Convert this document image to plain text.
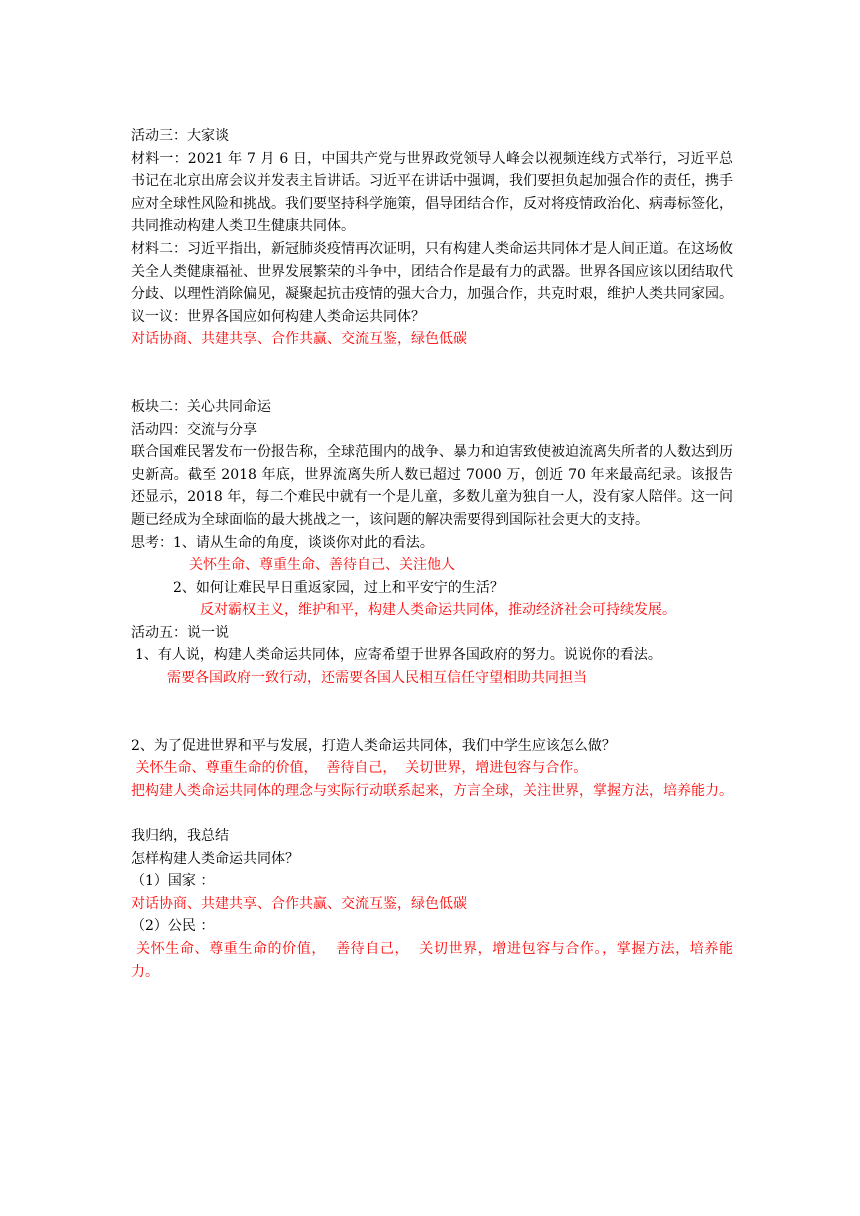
活动三：大家谈

材料一：2021 年 7 月 6 日，中国共产党与世界政党领导人峰会以视频连线方式举行，习近平总书记在北京出席会议并发表主旨讲话。习近平在讲话中强调，我们要担负起加强合作的责任，携手应对全球性风险和挑战。我们要坚持科学施策，倡导团结合作，反对将疫情政治化、病毒标签化，共同推动构建人类卫生健康共同体。

材料二：习近平指出，新冠肺炎疫情再次证明，只有构建人类命运共同体才是人间正道。在这场攸关全人类健康福祉、世界发展繁荣的斗争中，团结合作是最有力的武器。世界各国应该以团结取代分歧、以理性消除偏见，凝聚起抗击疫情的强大合力，加强合作，共克时艰，维护人类共同家园。

议一议：世界各国应如何构建人类命运共同体？

对话协商、共建共享、合作共赢、交流互鉴，绿色低碳

板块二：关心共同命运

活动四：交流与分享

联合国难民署发布一份报告称，全球范围内的战争、暴力和迫害致使被迫流离失所者的人数达到历史新高。截至 2018 年底，世界流离失所人数已超过 7000 万，创近 70 年来最高纪录。该报告还显示，2018 年，每二个难民中就有一个是儿童，多数儿童为独自一人，没有家人陪伴。这一问题已经成为全球面临的最大挑战之一，该问题的解决需要得到国际社会更大的支持。

思考：1、请从生命的角度，谈谈你对此的看法。

关怀生命、尊重生命、善待自己、关注他人

2、如何让难民早日重返家园，过上和平安宁的生活？

反对霸权主义，维护和平，构建人类命运共同体，推动经济社会可持续发展。

活动五：说一说

1、有人说，构建人类命运共同体，应寄希望于世界各国政府的努力。说说你的看法。

需要各国政府一致行动，还需要各国人民相互信任守望相助共同担当

2、为了促进世界和平与发展，打造人类命运共同体，我们中学生应该怎么做？

关怀生命、尊重生命的价值，  善待自己，  关切世界，增进包容与合作。

把构建人类命运共同体的理念与实际行动联系起来，方言全球，关注世界，掌握方法，培养能力。

我归纳，我总结

怎样构建人类命运共同体？

（1）国家 ：

对话协商、共建共享、合作共赢、交流互鉴，绿色低碳

（2）公民 ：

关怀生命、尊重生命的价值，  善待自己，  关切世界，增进包容与合作。，掌握方法，培养能力。
